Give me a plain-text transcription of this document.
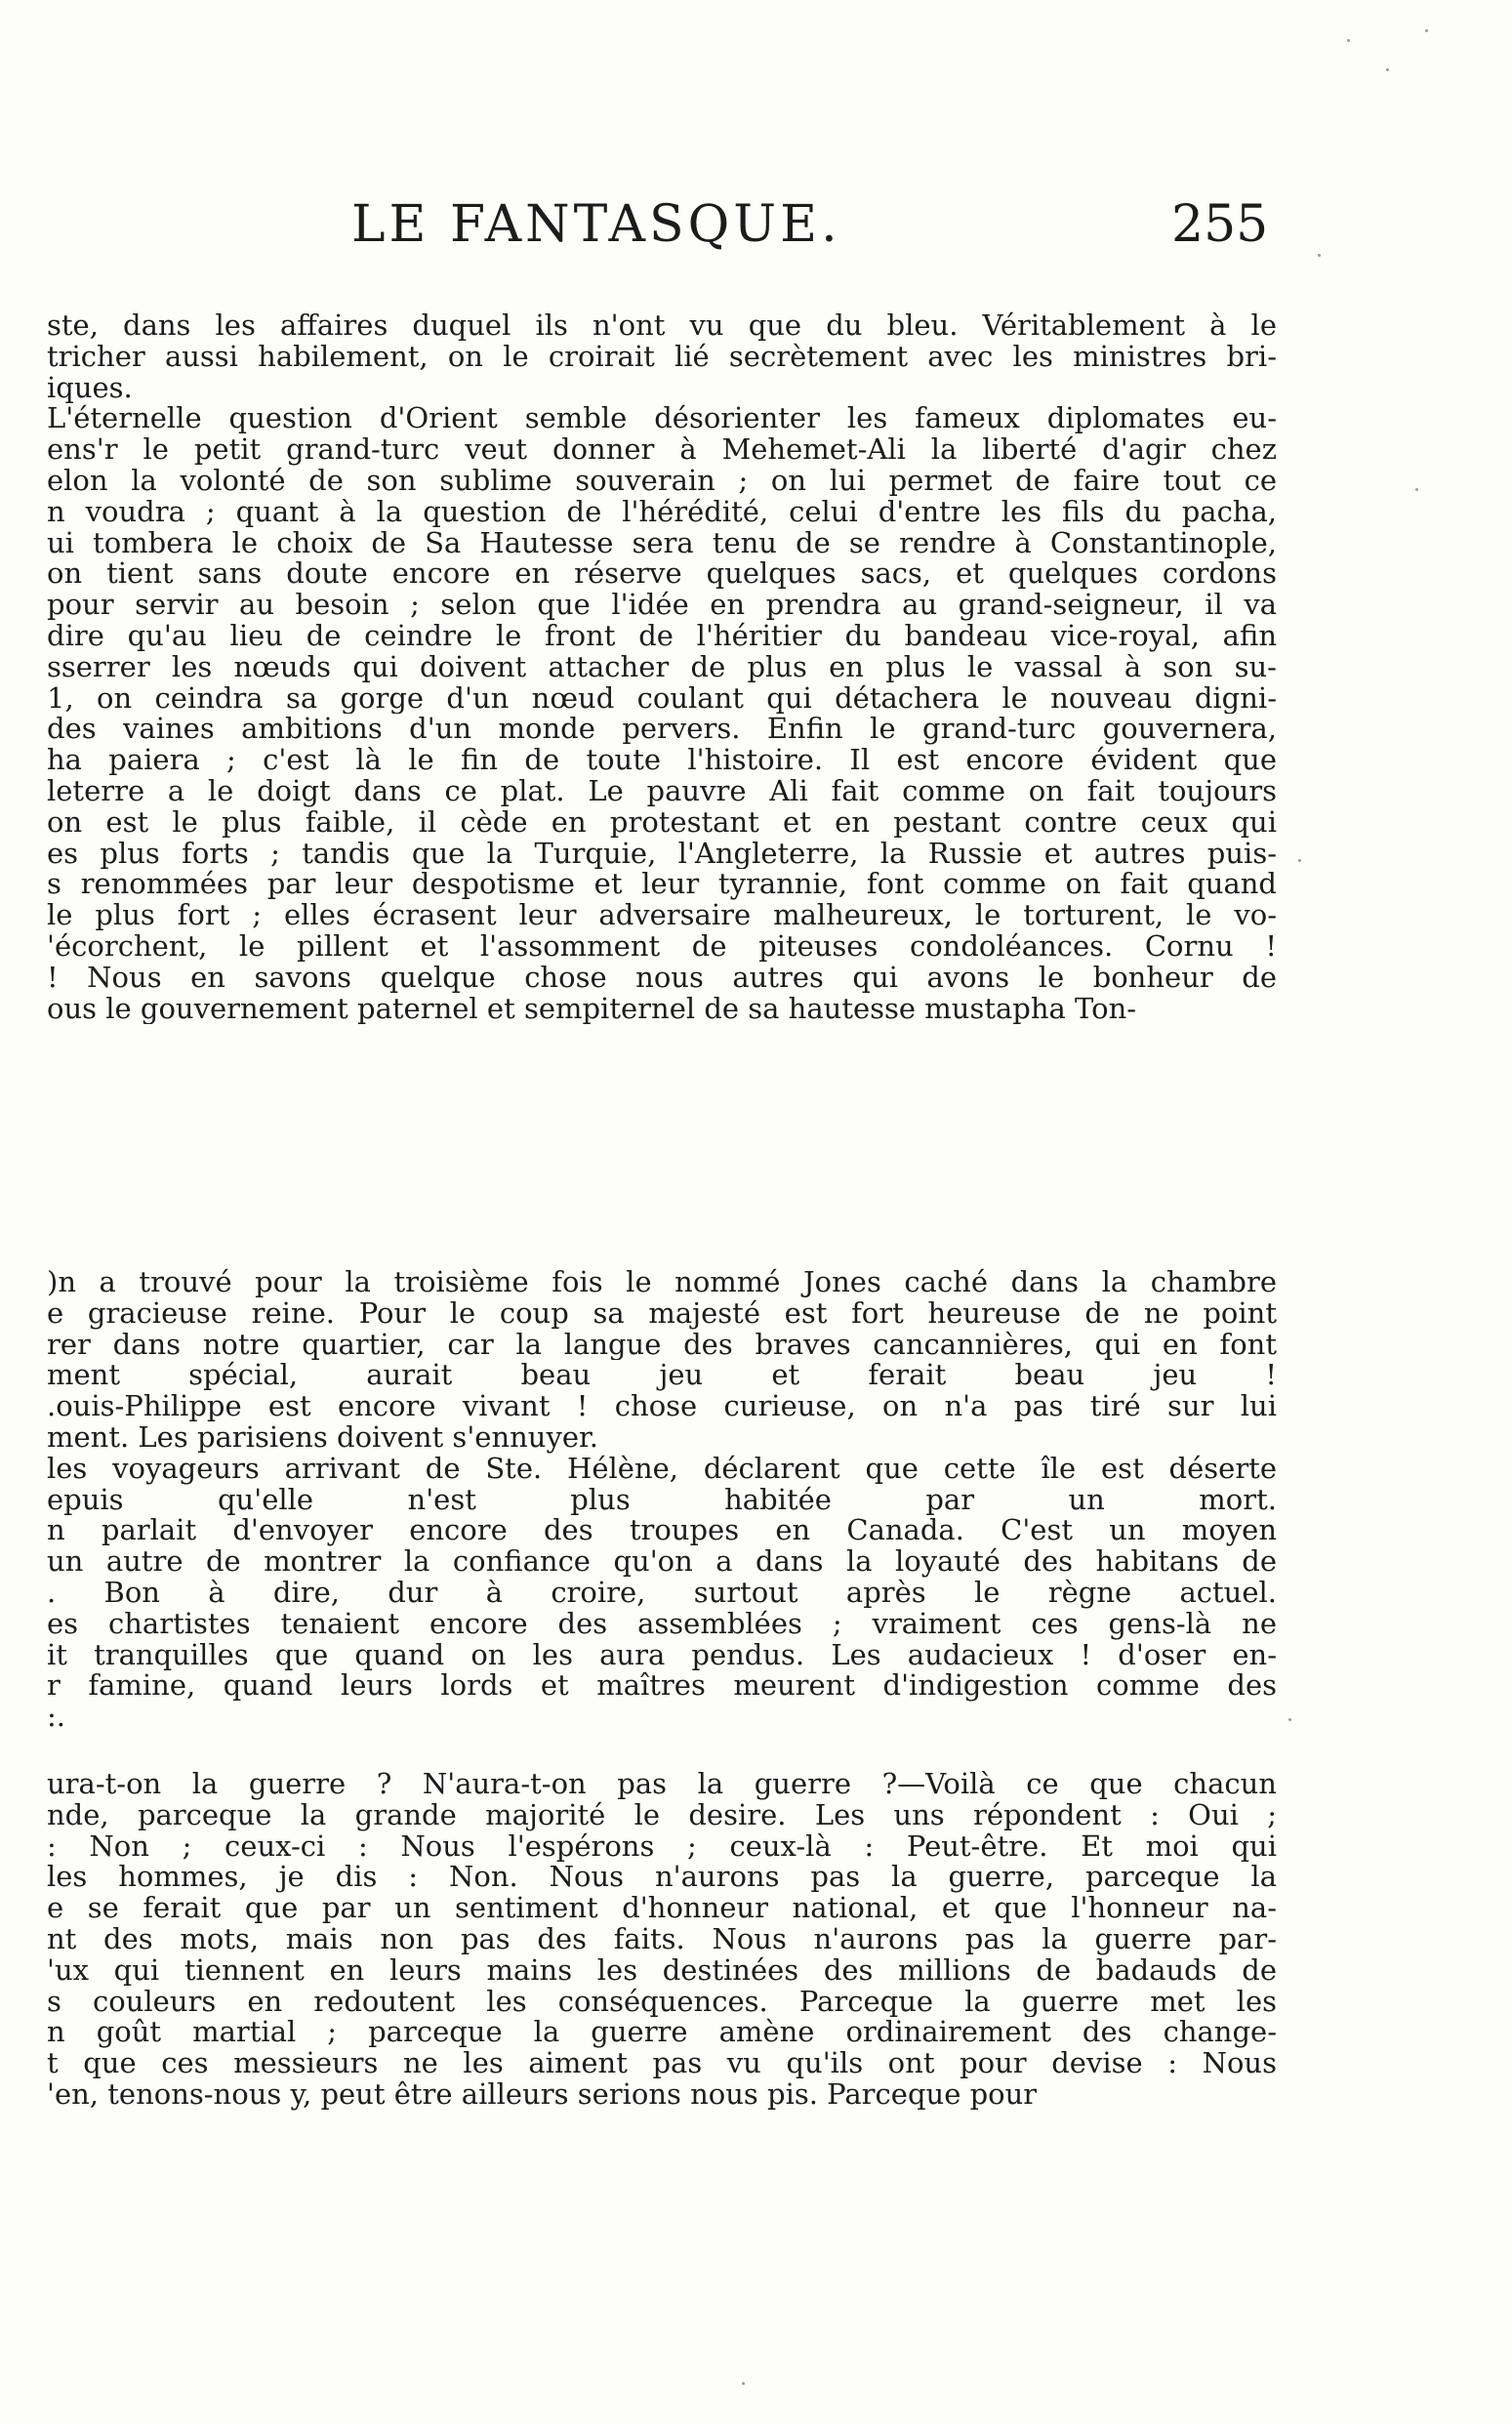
LE FANTASQUE.	255
ste, dans les affaires duquel ils n'ont vu que du bleu. Véritablement à le
tricher aussi habilement, on le croirait lié secrètement avec les ministres bri-
iques.
L'éternelle question d'Orient semble désorienter les fameux diplomates eu-
ens'r le petit grand-turc veut donner à Mehemet-Ali la liberté d'agir chez
elon la volonté de son sublime souverain ; on lui permet de faire tout ce
n voudra ; quant à la question de l'hérédité, celui d'entre les fils du pacha,
ui tombera le choix de Sa Hautesse sera tenu de se rendre à Constantinople,
on tient sans doute encore en réserve quelques sacs, et quelques cordons
pour servir au besoin ; selon que l'idée en prendra au grand-seigneur, il va
dire qu'au lieu de ceindre le front de l'héritier du bandeau vice-royal, afin
sserrer les nœuds qui doivent attacher de plus en plus le vassal à son su-
1, on ceindra sa gorge d'un nœud coulant qui détachera le nouveau digni-
des vaines ambitions d'un monde pervers. Enfin le grand-turc gouvernera,
ha paiera ; c'est là le fin de toute l'histoire. Il est encore évident que
leterre a le doigt dans ce plat. Le pauvre Ali fait comme on fait toujours
on est le plus faible, il cède en protestant et en pestant contre ceux qui
es plus forts ; tandis que la Turquie, l'Angleterre, la Russie et autres puis-
s renommées par leur despotisme et leur tyrannie, font comme on fait quand
le plus fort ; elles écrasent leur adversaire malheureux, le torturent, le vo-
'écorchent, le pillent et l'assomment de piteuses condoléances. Cornu !
! Nous en savons quelque chose nous autres qui avons le bonheur de
ous le gouvernement paternel et sempiternel de sa hautesse mustapha Ton-
)n a trouvé pour la troisième fois le nommé Jones caché dans la chambre
e gracieuse reine. Pour le coup sa majesté est fort heureuse de ne point
rer dans notre quartier, car la langue des braves cancannières, qui en font
ment spécial, aurait beau jeu et ferait beau jeu !
.ouis-Philippe est encore vivant ! chose curieuse, on n'a pas tiré sur lui
ment. Les parisiens doivent s'ennuyer.
les voyageurs arrivant de Ste. Hélène, déclarent que cette île est déserte
epuis qu'elle n'est plus habitée par un mort.
n parlait d'envoyer encore des troupes en Canada. C'est un moyen
un autre de montrer la confiance qu'on a dans la loyauté des habitans de
. Bon à dire, dur à croire, surtout après le règne actuel.
es chartistes tenaient encore des assemblées ; vraiment ces gens-là ne
it tranquilles que quand on les aura pendus. Les audacieux ! d'oser en-
r famine, quand leurs lords et maîtres meurent d'indigestion comme des
:.
ura-t-on la guerre ? N'aura-t-on pas la guerre ?—Voilà ce que chacun
nde, parceque la grande majorité le desire. Les uns répondent : Oui ;
: Non ; ceux-ci : Nous l'espérons ; ceux-là : Peut-être. Et moi qui
les hommes, je dis : Non. Nous n'aurons pas la guerre, parceque la
e se ferait que par un sentiment d'honneur national, et que l'honneur na-
nt des mots, mais non pas des faits. Nous n'aurons pas la guerre par-
'ux qui tiennent en leurs mains les destinées des millions de badauds de
s couleurs en redoutent les conséquences. Parceque la guerre met les
n goût martial ; parceque la guerre amène ordinairement des change-
t que ces messieurs ne les aiment pas vu qu'ils ont pour devise : Nous
'en, tenons-nous y, peut être ailleurs serions nous pis. Parceque pour
